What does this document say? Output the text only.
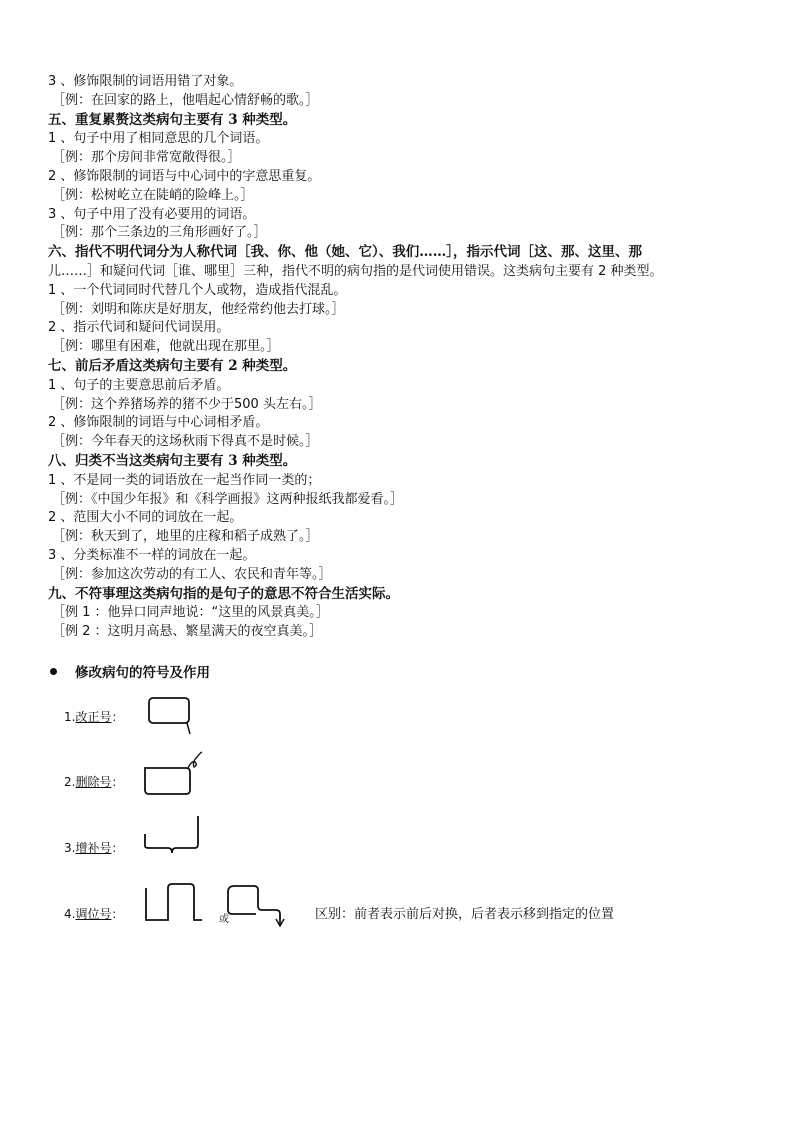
3 、修饰限制的词语用错了对象。
［例：在回家的路上，他唱起心情舒畅的歌。］
五、重复累赘这类病句主要有 3 种类型。
1 、句子中用了相同意思的几个词语。
［例：那个房间非常宽敞得很。］
2 、修饰限制的词语与中心词中的字意思重复。
［例：松树屹立在陡峭的险峰上。］
3 、句子中用了没有必要用的词语。
［例：那个三条边的三角形画好了。］
六、指代不明代词分为人称代词［我、你、他（她、它）、我们……］，指示代词［这、那、这里、那
儿……］和疑问代词［谁、哪里］三种，指代不明的病句指的是代词使用错误。这类病句主要有 2 种类型。
1 、一个代词同时代替几个人或物，造成指代混乱。
［例：刘明和陈庆是好朋友，他经常约他去打球。］
2 、指示代词和疑问代词误用。
［例：哪里有困难，他就出现在那里。］
七、前后矛盾这类病句主要有 2 种类型。
1 、句子的主要意思前后矛盾。
［例：这个养猪场养的猪不少于500 头左右。］
2 、修饰限制的词语与中心词相矛盾。
［例：今年春天的这场秋雨下得真不是时候。］
八、归类不当这类病句主要有 3 种类型。
1 、不是同一类的词语放在一起当作同一类的；
［例：《中国少年报》和《科学画报》这两种报纸我都爱看。］
2 、范围大小不同的词放在一起。
［例：秋天到了，地里的庄稼和稻子成熟了。］
3 、分类标准不一样的词放在一起。
［例：参加这次劳动的有工人、农民和青年等。］
九、不符事理这类病句指的是句子的意思不符合生活实际。
［例 1 ：他异口同声地说：“这里的风景真美。］
［例 2 ：这明月高悬、繁星满天的夜空真美。］
修改病句的符号及作用
1.改正号：
2.删除号：
3.增补号：
4.调位号：	或	区别：前者表示前后对换，后者表示移到指定的位置
